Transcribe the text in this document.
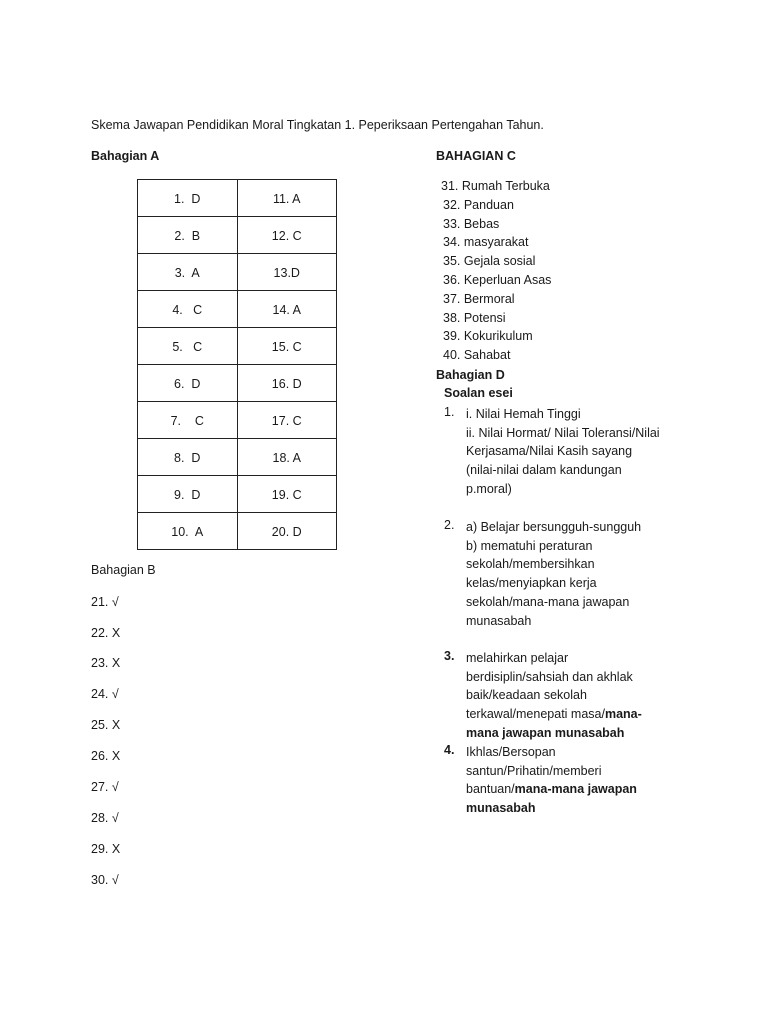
Skema Jawapan Pendidikan Moral Tingkatan 1. Peperiksaan Pertengahan Tahun.
Bahagian A
1.  D	11. A
2.  B	12. C
3.  A	13.D
4.   C	14. A
5.   C	15. C
6.  D	16. D
7.    C	17. C
8.  D	18. A
9.  D	19. C
10.  A	20. D
Bahagian B
21. √
22. X
23. X
24. √
25. X
26. X
27. √
28. √
29. X
30. √
BAHAGIAN C
31. Rumah Terbuka
32. Panduan
33. Bebas
34. masyarakat
35. Gejala sosial
36. Keperluan Asas
37. Bermoral
38. Potensi
39. Kokurikulum
40. Sahabat
Bahagian D
Soalan esei
1. i. Nilai Hemah Tinggi
ii. Nilai Hormat/ Nilai Toleransi/Nilai
Kerjasama/Nilai Kasih sayang
(nilai-nilai dalam kandungan
p.moral)
2. a) Belajar bersungguh-sungguh
b) mematuhi peraturan
sekolah/membersihkan
kelas/menyiapkan kerja
sekolah/mana-mana jawapan
munasabah
3. melahirkan pelajar
berdisiplin/sahsiah dan akhlak
baik/keadaan sekolah
terkawal/menepati masa/mana-
mana jawapan munasabah
4. Ikhlas/Bersopan
santun/Prihatin/memberi
bantuan/mana-mana jawapan
munasabah
